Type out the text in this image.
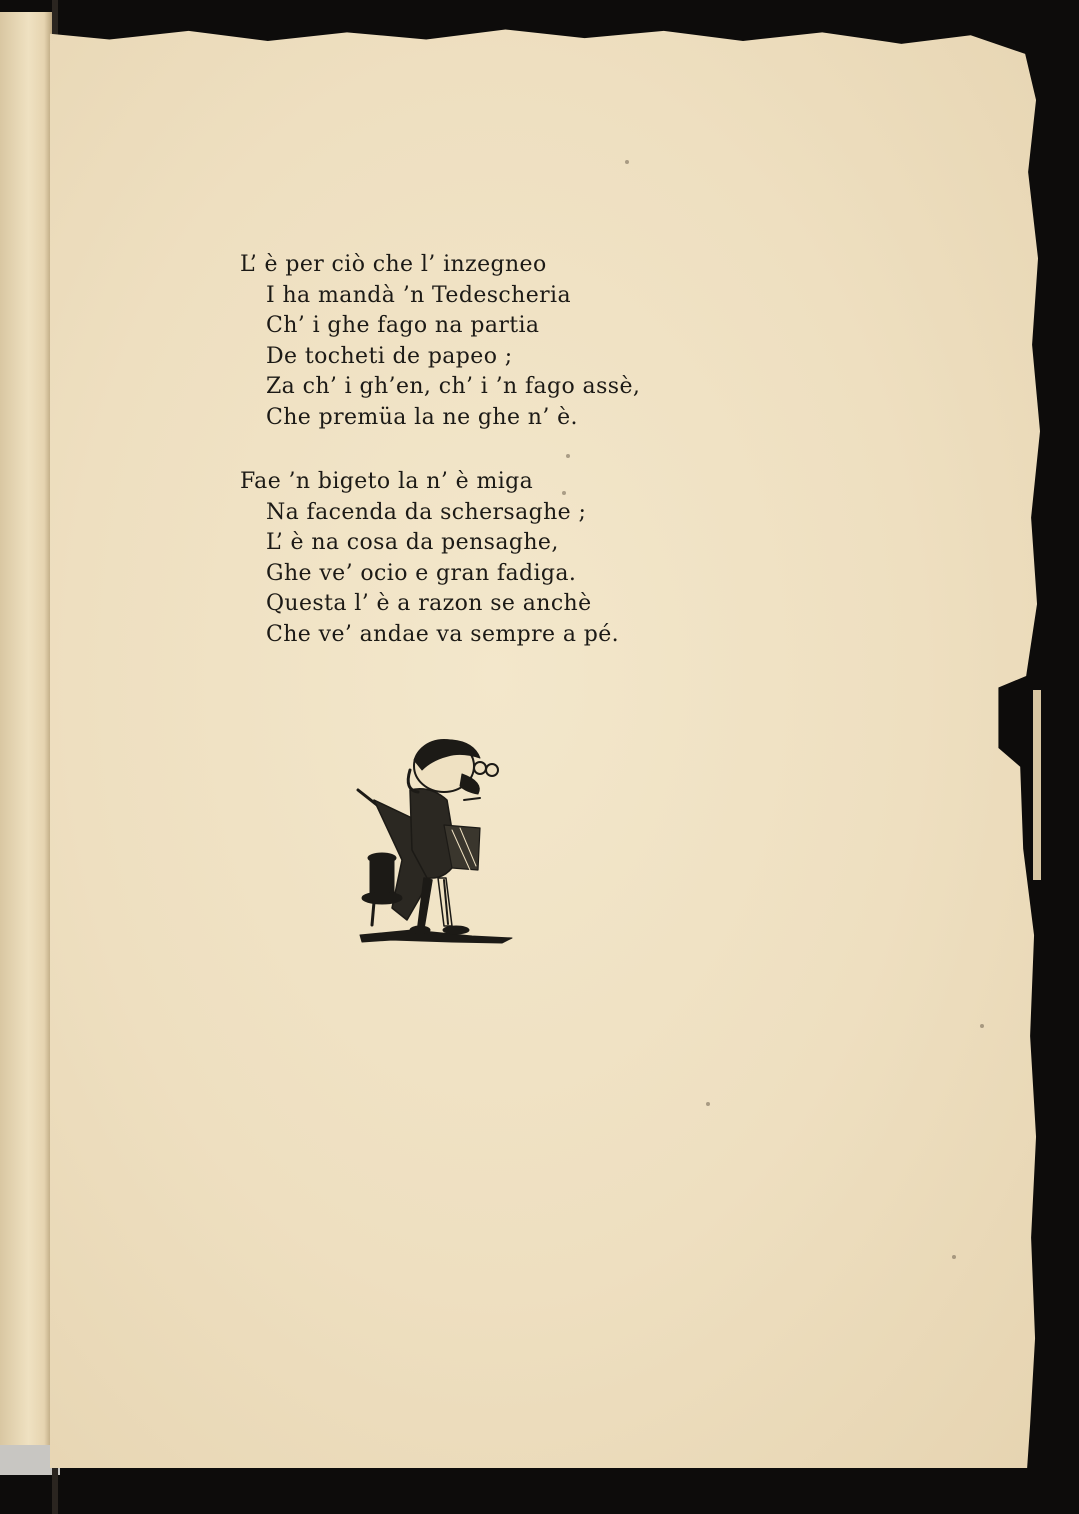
L’ è per ciò che l’ inzegneo
I ha mandà ’n Tedescheria
Ch’ i ghe fago na partia
De tocheti de papeo ;
Za ch’ i gh’en, ch’ i ’n fago assè,
Che premüa la ne ghe n’ è.

Fae ’n bigeto la n’ è miga
Na facenda da schersaghe ;
L’ è na cosa da pensaghe,
Ghe ve’ ocio e gran fadiga.
Questa l’ è a razon se anchè
Che ve’ andae va sempre a pé.
